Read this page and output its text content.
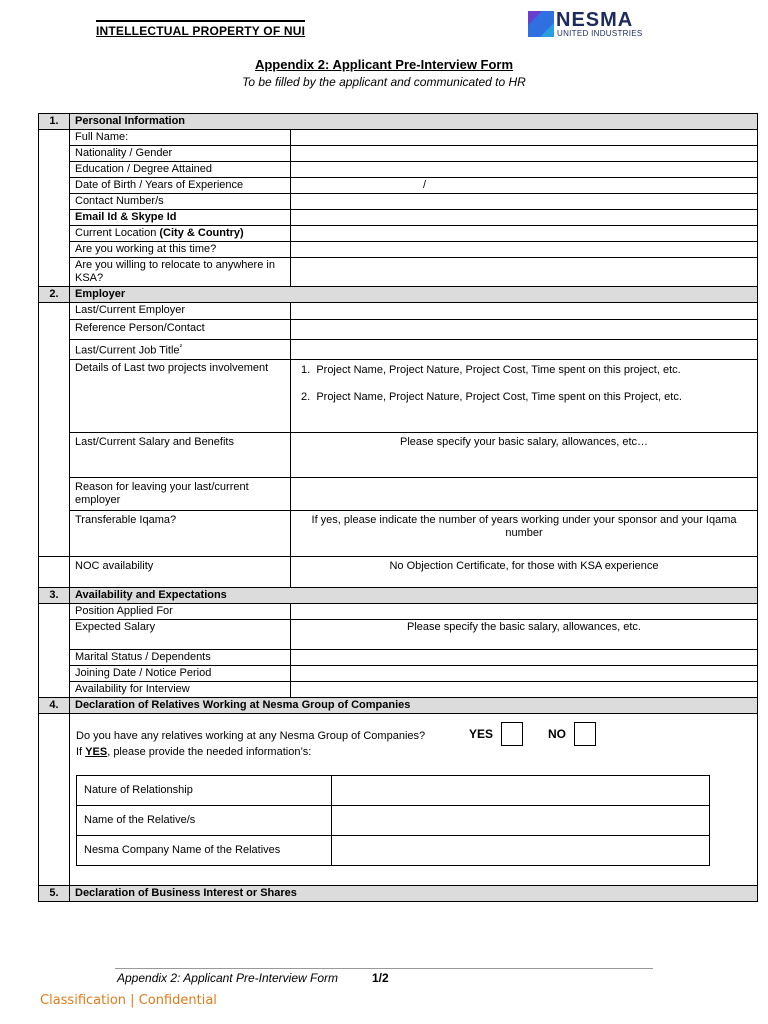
INTELLECTUAL PROPERTY OF NUI	NESMA
UNITED INDUSTRIES
Appendix 2: Applicant Pre-Interview Form
To be filled by the applicant and communicated to HR
1.	Personal Information
	Full Name:	
Nationality / Gender	
Education / Degree Attained	
Date of Birth / Years of Experience	/
Contact Number/s	
Email Id & Skype Id	
Current Location (City & Country)	
Are you working at this time?	
Are you willing to relocate to anywhere in KSA?	
2.	Employer
	Last/Current Employer	
Reference Person/Contact	
Last/Current Job Title$^{^2}$	
Details of Last two projects involvement	1. Project Name, Project Nature, Project Cost, Time spent on this project, etc.

2. Project Name, Project Nature, Project Cost, Time spent on this Project, etc.

Last/Current Salary and Benefits	Please specify your basic salary, allowances, etc…
Reason for leaving your last/current employer	
Transferable Iqama?	If yes, please indicate the number of years working under your sponsor and your Iqama number
	NOC availability	No Objection Certificate, for those with KSA experience
3.	Availability and Expectations
	Position Applied For	
Expected Salary	Please specify the basic salary, allowances, etc.
Marital Status / Dependents	
Joining Date / Notice Period	
Availability for Interview	
4.	Declaration of Relatives Working at Nesma Group of Companies

Do you have any relatives working at any Nesma Group of Companies?	YES	NO
If YES, please provide the needed information’s:
Nature of Relationship	
Name of the Relative/s	
Nesma Company Name of the Relatives	

5.	Declaration of Business Interest or Shares
Appendix 2: Applicant Pre-Interview Form	1/2
Classification | Confidential
